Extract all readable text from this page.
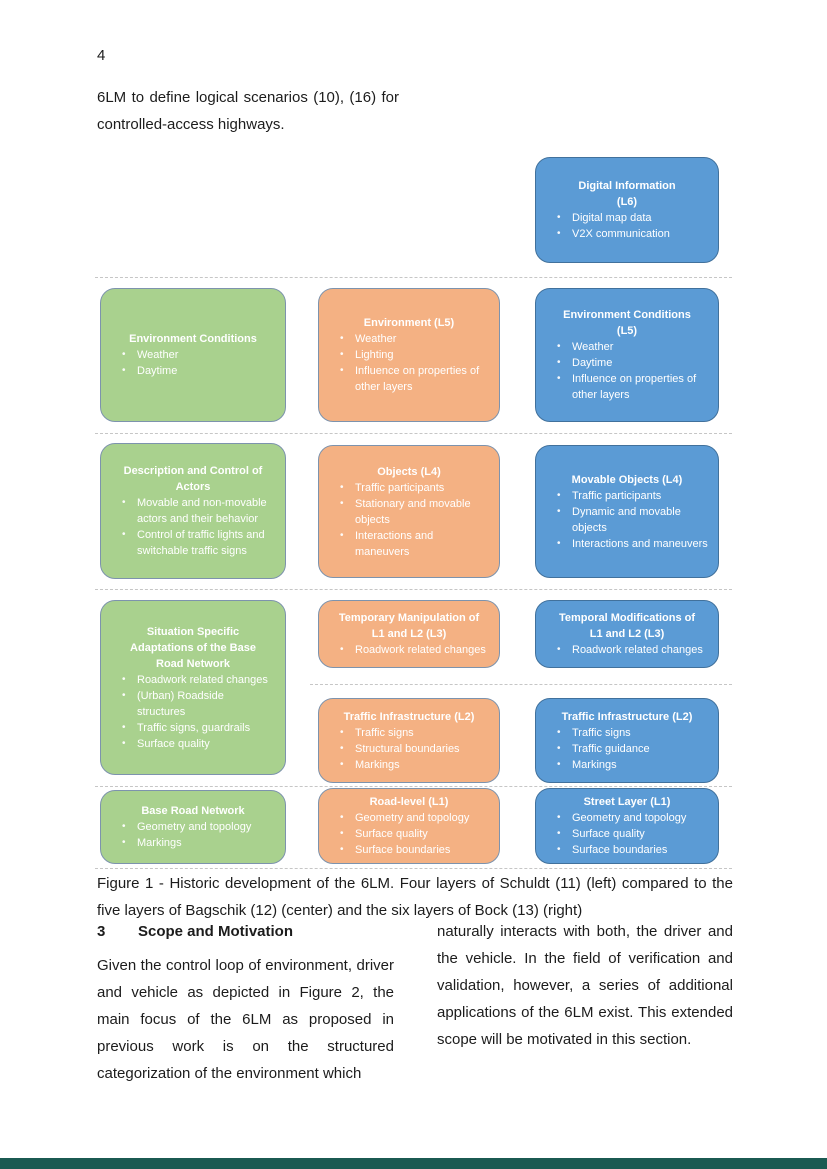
4
6LM to define logical scenarios (10), (16) for controlled-access highways.
Digital Information
(L6)
• Digital map data
• V2X communication
Environment Conditions
• Weather
• Daytime
Environment (L5)
• Weather
• Lighting
• Influence on properties of other layers
Environment Conditions
(L5)
• Weather
• Daytime
• Influence on properties of other layers
Description and Control of
Actors
• Movable and non-movable actors and their behavior
• Control of traffic lights and switchable traffic signs
Objects (L4)
• Traffic participants
• Stationary and movable objects
• Interactions and maneuvers
Movable Objects (L4)
• Traffic participants
• Dynamic and movable objects
• Interactions and maneuvers
Situation Specific
Adaptations of the Base
Road Network
• Roadwork related changes
• (Urban) Roadside structures
• Traffic signs, guardrails
• Surface quality
Temporary Manipulation of
L1 and L2 (L3)
• Roadwork related changes
Temporal Modifications of
L1 and L2 (L3)
• Roadwork related changes
Traffic Infrastructure (L2)
• Traffic signs
• Structural boundaries
• Markings
Traffic Infrastructure (L2)
• Traffic signs
• Traffic guidance
• Markings
Base Road Network
• Geometry and topology
• Markings
Road-level (L1)
• Geometry and topology
• Surface quality
• Surface boundaries
Street Layer (L1)
• Geometry and topology
• Surface quality
• Surface boundaries
Figure 1 - Historic development of the 6LM. Four layers of Schuldt (11) (left) compared to the five layers of Bagschik (12) (center) and the six layers of Bock (13) (right)
3 Scope and Motivation
Given the control loop of environment, driver and vehicle as depicted in Figure 2, the main focus of the 6LM as proposed in previous work is on the structured categorization of the environment which
naturally interacts with both, the driver and the vehicle. In the field of verification and validation, however, a series of additional applications of the 6LM exist. This extended scope will be motivated in this section.
